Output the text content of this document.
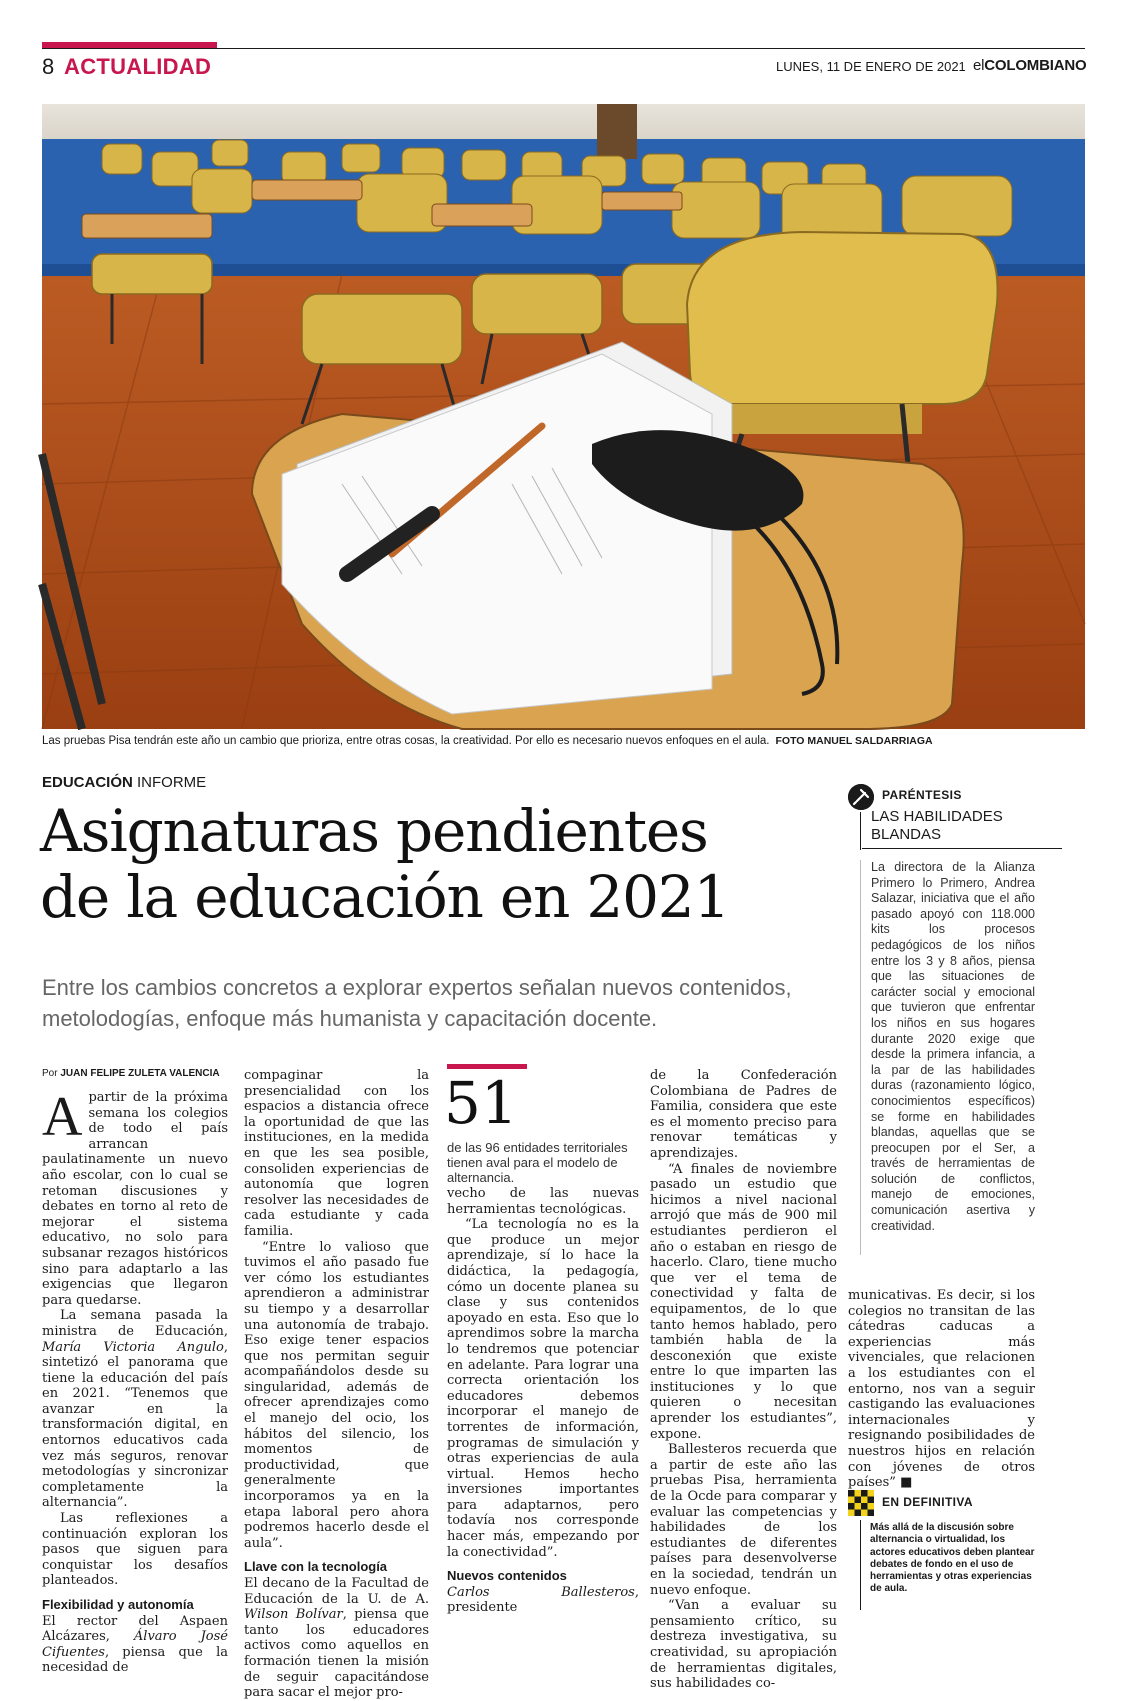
8 ACTUALIDAD	LUNES, 11 DE ENERO DE 2021 elCOLOMBIANO
Las pruebas Pisa tendrán este año un cambio que prioriza, entre otras cosas, la creatividad. Por ello es necesario nuevos enfoques en el aula. FOTO MANUEL SALDARRIAGA
EDUCACIÓN INFORME
Asignaturas pendientes
de la educación en 2021
Entre los cambios concretos a explorar expertos señalan nuevos contenidos, metolodogías, enfoque más humanista y capacitación docente.
Por JUAN FELIPE ZULETA VALENCIA

Apartir de la próxima semana los colegios de todo el país arrancan paulatinamente un nuevo año escolar, con lo cual se retoman discusiones y debates en torno al reto de mejorar el sistema educativo, no solo para subsanar rezagos históricos sino para adaptarlo a las exigencias que llegaron para quedarse.

La semana pasada la ministra de Educación, María Victoria Angulo, sintetizó el panorama que tiene la educación del país en 2021. “Tenemos que avanzar en la transformación digital, en entornos educativos cada vez más seguros, renovar metodologías y sincronizar completamente la alternancia”.

Las reflexiones a continuación exploran los pasos que siguen para conquistar los desafíos planteados.

Flexibilidad y autonomía

El rector del Aspaen Alcázares, Álvaro José Cifuentes, piensa que la necesidad de

compaginar la presencialidad con los espacios a distancia ofrece la oportunidad de que las instituciones, en la medida en que les sea posible, consoliden experiencias de autonomía que logren resolver las necesidades de cada estudiante y cada familia.

“Entre lo valioso que tuvimos el año pasado fue ver cómo los estudiantes aprendieron a administrar su tiempo y a desarrollar una autonomía de trabajo. Eso exige tener espacios que nos permitan seguir acompañándolos desde su singularidad, además de ofrecer aprendizajes como el manejo del ocio, los hábitos del silencio, los momentos de productividad, que generalmente incorporamos ya en la etapa laboral pero ahora podremos hacerlo desde el aula”.

Llave con la tecnología

El decano de la Facultad de Educación de la U. de A. Wilson Bolívar, piensa que tanto los educadores activos como aquellos en formación tienen la misión de seguir capacitándose para sacar el mejor pro-

51
de las 96 entidades territoriales tienen aval para el modelo de alternancia.

vecho de las nuevas herramientas tecnológicas.

“La tecnología no es la que produce un mejor aprendizaje, sí lo hace la didáctica, la pedagogía, cómo un docente planea su clase y sus contenidos apoyado en esta. Eso que lo aprendimos sobre la marcha lo tendremos que potenciar en adelante. Para lograr una correcta orientación los educadores debemos incorporar el manejo de torrentes de información, programas de simulación y otras experiencias de aula virtual. Hemos hecho inversiones importantes para adaptarnos, pero todavía nos corresponde hacer más, empezando por la conectividad”.

Nuevos contenidos

Carlos Ballesteros, presidente

de la Confederación Colombiana de Padres de Familia, considera que este es el momento preciso para renovar temáticas y aprendizajes.

“A finales de noviembre pasado un estudio que hicimos a nivel nacional arrojó que más de 900 mil estudiantes perdieron el año o estaban en riesgo de hacerlo. Claro, tiene mucho que ver el tema de conectividad y falta de equipamentos, de lo que tanto hemos hablado, pero también habla de la desconexión que existe entre lo que imparten las instituciones y lo que quieren o necesitan aprender los estudiantes”, expone.

Ballesteros recuerda que a partir de este año las pruebas Pisa, herramienta de la Ocde para comparar y evaluar las competencias y habilidades de los estudiantes de diferentes países para desenvolverse en la sociedad, tendrán un nuevo enfoque.

“Van a evaluar su pensamiento crítico, su destreza investigativa, su creatividad, su apropiación de herramientas digitales, sus habilidades co-

PARÉNTESIS
LAS HABILIDADES
BLANDAS
La directora de la Alianza Primero lo Primero, Andrea Salazar, iniciativa que el año pasado apoyó con 118.000 kits los procesos pedagógicos de los niños entre los 3 y 8 años, piensa que las situaciones de carácter social y emocional que tuvieron que enfrentar los niños en sus hogares durante 2020 exige que desde la primera infancia, a la par de las habilidades duras (razonamiento lógico, conocimientos específicos) se forme en habilidades blandas, aquellas que se preocupen por el Ser, a través de herramientas de solución de conflictos, manejo de emociones, comunicación asertiva y creatividad.

municativas. Es decir, si los colegios no transitan de las cátedras caducas a experiencias más vivenciales, que relacionen a los estudiantes con el entorno, nos van a seguir castigando las evaluaciones internacionales y resignando posibilidades de nuestros hijos en relación con jóvenes de otros países” ■

EN DEFINITIVA
Más allá de la discusión sobre alternancia o virtualidad, los actores educativos deben plantear debates de fondo en el uso de herramientas y otras experiencias de aula.
